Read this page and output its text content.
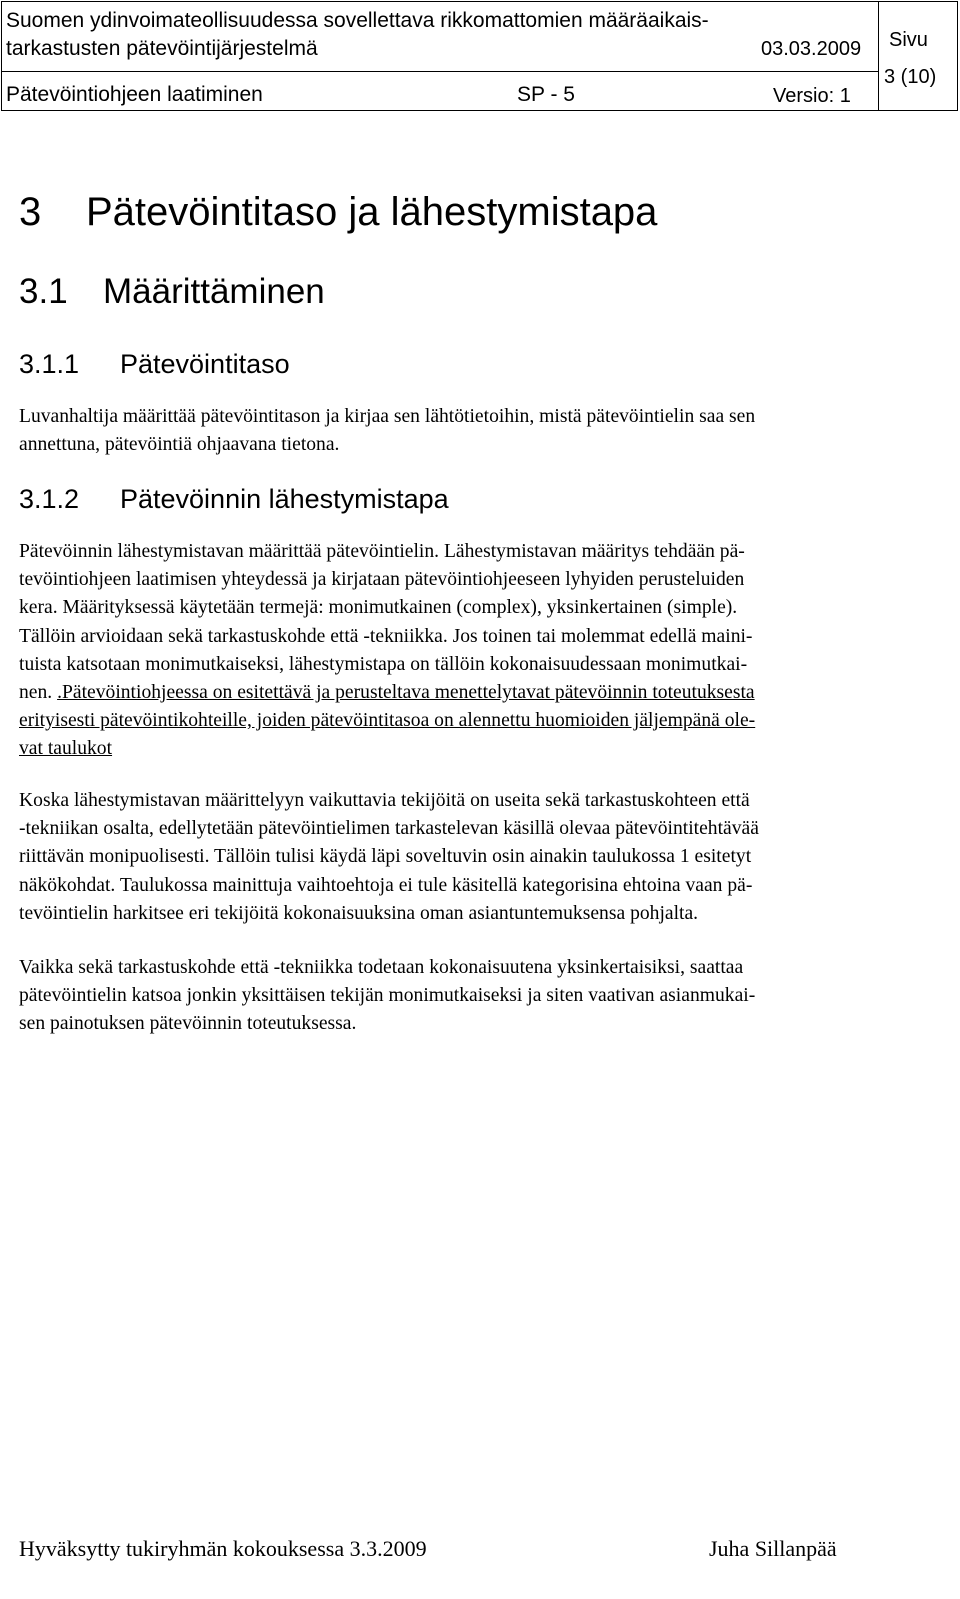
Suomen ydinvoimateollisuudessa sovellettava rikkomattomien määräaikais-
tarkastusten pätevöintijärjestelmä	03.03.2009 Sivu
3 (10)
Pätevöintiohjeen laatiminen	SP - 5	Versio: 1
3 Pätevöintitaso ja lähestymistapa
3.1 Määrittäminen
3.1.1 Pätevöintitaso
Luvanhaltija määrittää pätevöintitason ja kirjaa sen lähtötietoihin, mistä pätevöintielin saa sen
annettuna, pätevöintiä ohjaavana tietona.
3.1.2 Pätevöinnin lähestymistapa
Pätevöinnin lähestymistavan määrittää pätevöintielin. Lähestymistavan määritys tehdään pä-
tevöintiohjeen laatimisen yhteydessä ja kirjataan pätevöintiohjeeseen lyhyiden perusteluiden
kera. Määrityksessä käytetään termejä: monimutkainen (complex), yksinkertainen (simple).
Tällöin arvioidaan sekä tarkastuskohde että -tekniikka. Jos toinen tai molemmat edellä maini-
tuista katsotaan monimutkaiseksi, lähestymistapa on tällöin kokonaisuudessaan monimutkai-
nen. .Pätevöintiohjeessa on esitettävä ja perusteltava menettelytavat pätevöinnin toteutuksesta
erityisesti pätevöintikohteille, joiden pätevöintitasoa on alennettu huomioiden jäljempänä ole-
vat taulukot
Koska lähestymistavan määrittelyyn vaikuttavia tekijöitä on useita sekä tarkastuskohteen että
-tekniikan osalta, edellytetään pätevöintielimen tarkastelevan käsillä olevaa pätevöintitehtävää
riittävän monipuolisesti. Tällöin tulisi käydä läpi soveltuvin osin ainakin taulukossa 1 esitetyt
näkökohdat. Taulukossa mainittuja vaihtoehtoja ei tule käsitellä kategorisina ehtoina vaan pä-
tevöintielin harkitsee eri tekijöitä kokonaisuuksina oman asiantuntemuksensa pohjalta.
Vaikka sekä tarkastuskohde että -tekniikka todetaan kokonaisuutena yksinkertaisiksi, saattaa
pätevöintielin katsoa jonkin yksittäisen tekijän monimutkaiseksi ja siten vaativan asianmukai-
sen painotuksen pätevöinnin toteutuksessa.
Hyväksytty tukiryhmän kokouksessa 3.3.2009	Juha Sillanpää
